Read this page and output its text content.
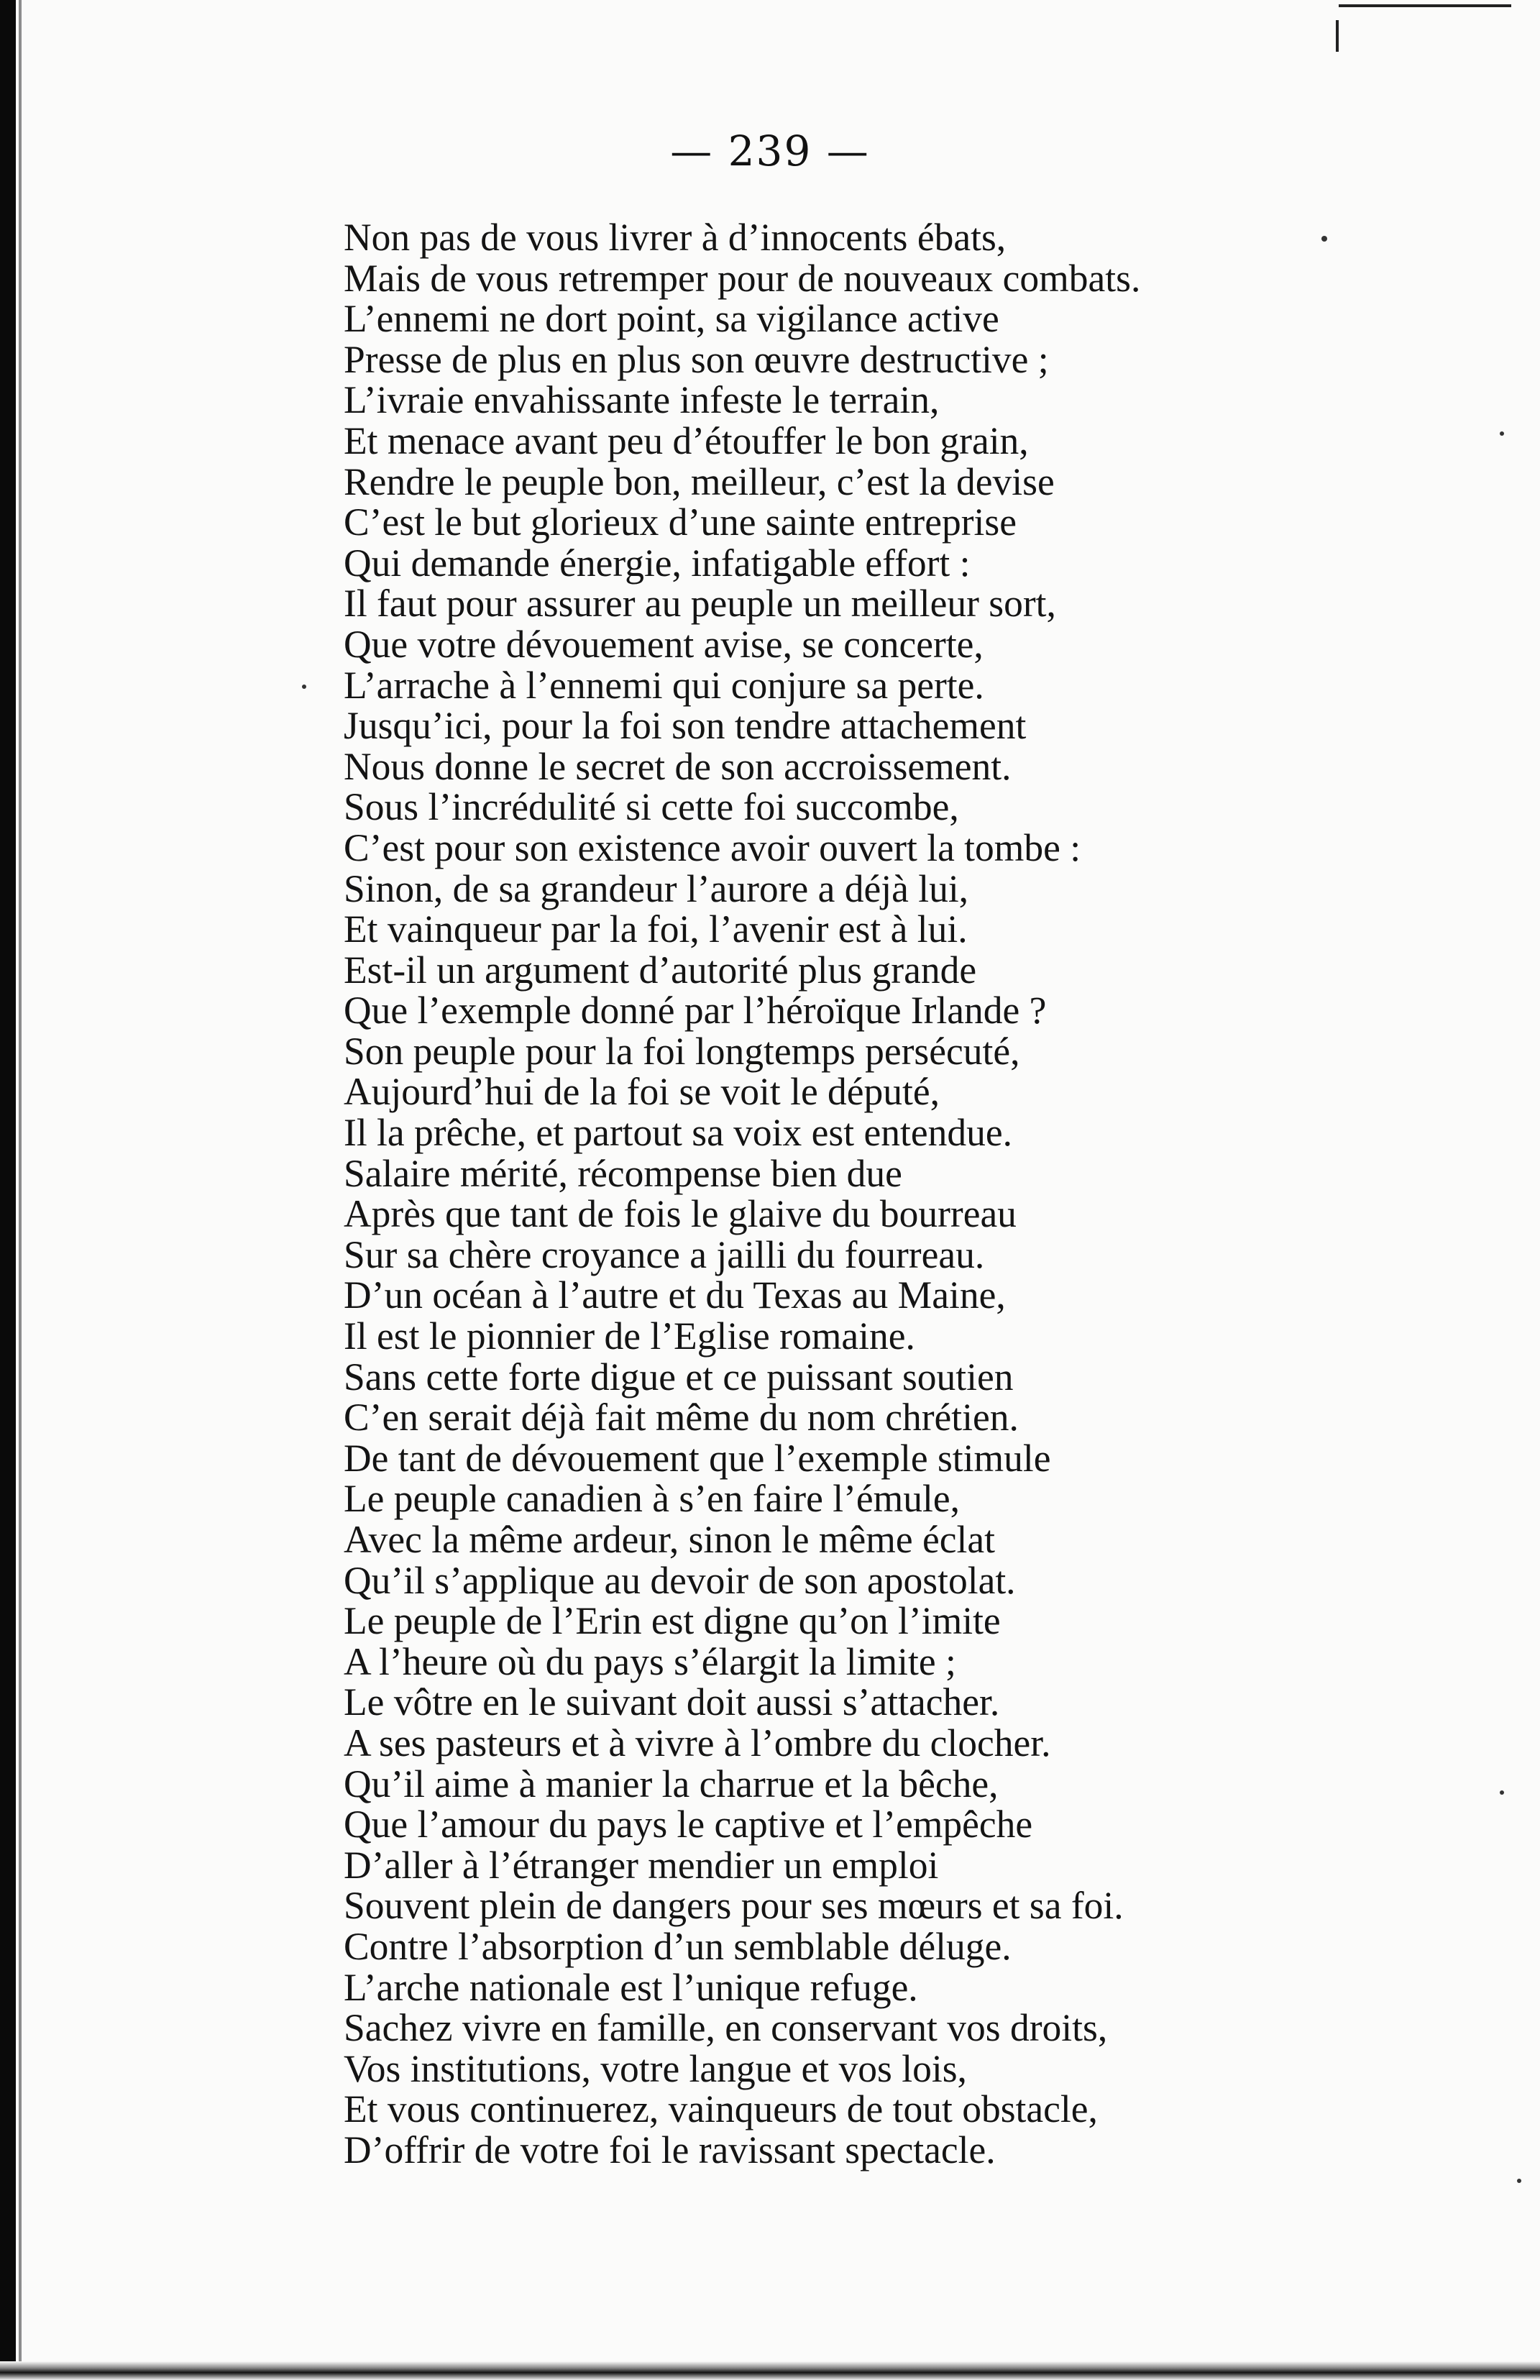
— 239 —
Non pas de vous livrer à d’innocents ébats,
Mais de vous retremper pour de nouveaux combats.
L’ennemi ne dort point, sa vigilance active
Presse de plus en plus son œuvre destructive ;
L’ivraie envahissante infeste le terrain,
Et menace avant peu d’étouffer le bon grain,
Rendre le peuple bon, meilleur, c’est la devise
C’est le but glorieux d’une sainte entreprise
Qui demande énergie, infatigable effort :
Il faut pour assurer au peuple un meilleur sort,
Que votre dévouement avise, se concerte,
L’arrache à l’ennemi qui conjure sa perte.
Jusqu’ici, pour la foi son tendre attachement
Nous donne le secret de son accroissement.
Sous l’incrédulité si cette foi succombe,
C’est pour son existence avoir ouvert la tombe :
Sinon, de sa grandeur l’aurore a déjà lui,
Et vainqueur par la foi, l’avenir est à lui.
Est-il un argument d’autorité plus grande
Que l’exemple donné par l’héroïque Irlande ?
Son peuple pour la foi longtemps persécuté,
Aujourd’hui de la foi se voit le député,
Il la prêche, et partout sa voix est entendue.
Salaire mérité, récompense bien due
Après que tant de fois le glaive du bourreau
Sur sa chère croyance a jailli du fourreau.
D’un océan à l’autre et du Texas au Maine,
Il est le pionnier de l’Eglise romaine.
Sans cette forte digue et ce puissant soutien
C’en serait déjà fait même du nom chrétien.
De tant de dévouement que l’exemple stimule
Le peuple canadien à s’en faire l’émule,
Avec la même ardeur, sinon le même éclat
Qu’il s’applique au devoir de son apostolat.
Le peuple de l’Erin est digne qu’on l’imite
A l’heure où du pays s’élargit la limite ;
Le vôtre en le suivant doit aussi s’attacher.
A ses pasteurs et à vivre à l’ombre du clocher.
Qu’il aime à manier la charrue et la bêche,
Que l’amour du pays le captive et l’empêche
D’aller à l’étranger mendier un emploi
Souvent plein de dangers pour ses mœurs et sa foi.
Contre l’absorption d’un semblable déluge.
L’arche nationale est l’unique refuge.
Sachez vivre en famille, en conservant vos droits,
Vos institutions, votre langue et vos lois,
Et vous continuerez, vainqueurs de tout obstacle,
D’offrir de votre foi le ravissant spectacle.
